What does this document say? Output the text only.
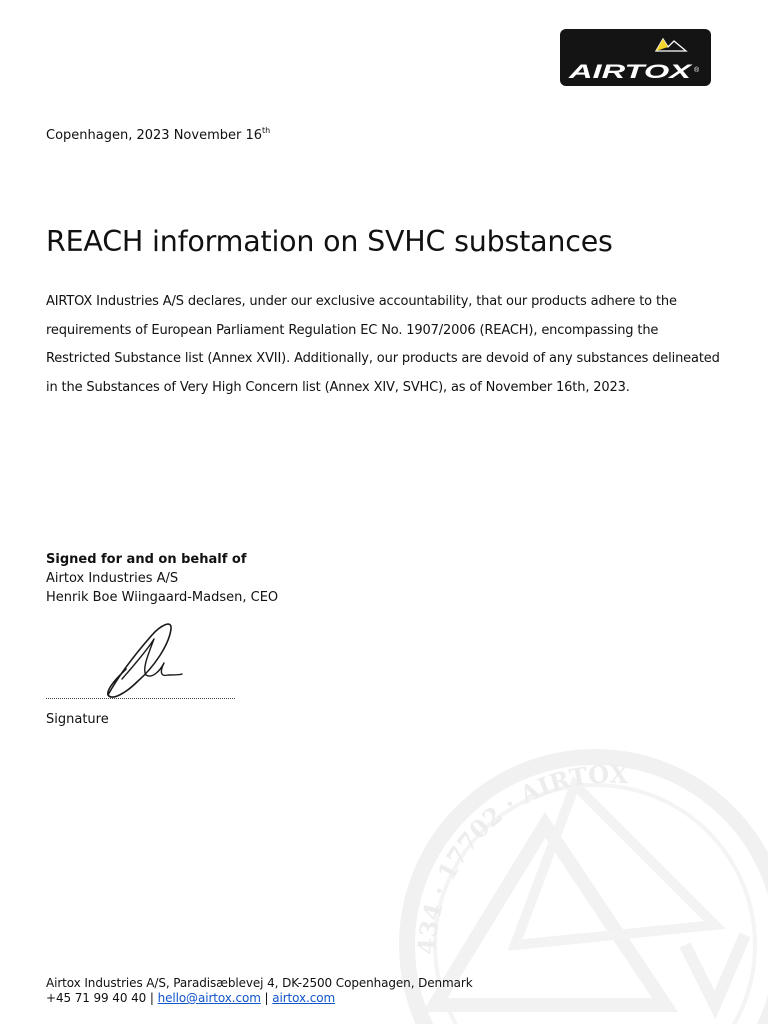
AIRTOX ®
Copenhagen, 2023 November 16th
REACH information on SVHC substances

AIRTOX Industries A/S declares, under our exclusive accountability, that our products adhere to the requirements of European Parliament Regulation EC No. 1907/2006 (REACH), encompassing the Restricted Substance list (Annex XVII). Additionally, our products are devoid of any substances delineated in the Substances of Very High Concern list (Annex XIV, SVHC), as of November 16th, 2023.

Signed for and on behalf of
Airtox Industries A/S
Henrik Boe Wiingaard-Madsen, CEO
Signature
434 · 17702 · AIRTOX
Airtox Industries A/S, Paradisæblevej 4, DK-2500 Copenhagen, Denmark
+45 71 99 40 40 | hello@airtox.com | airtox.com
